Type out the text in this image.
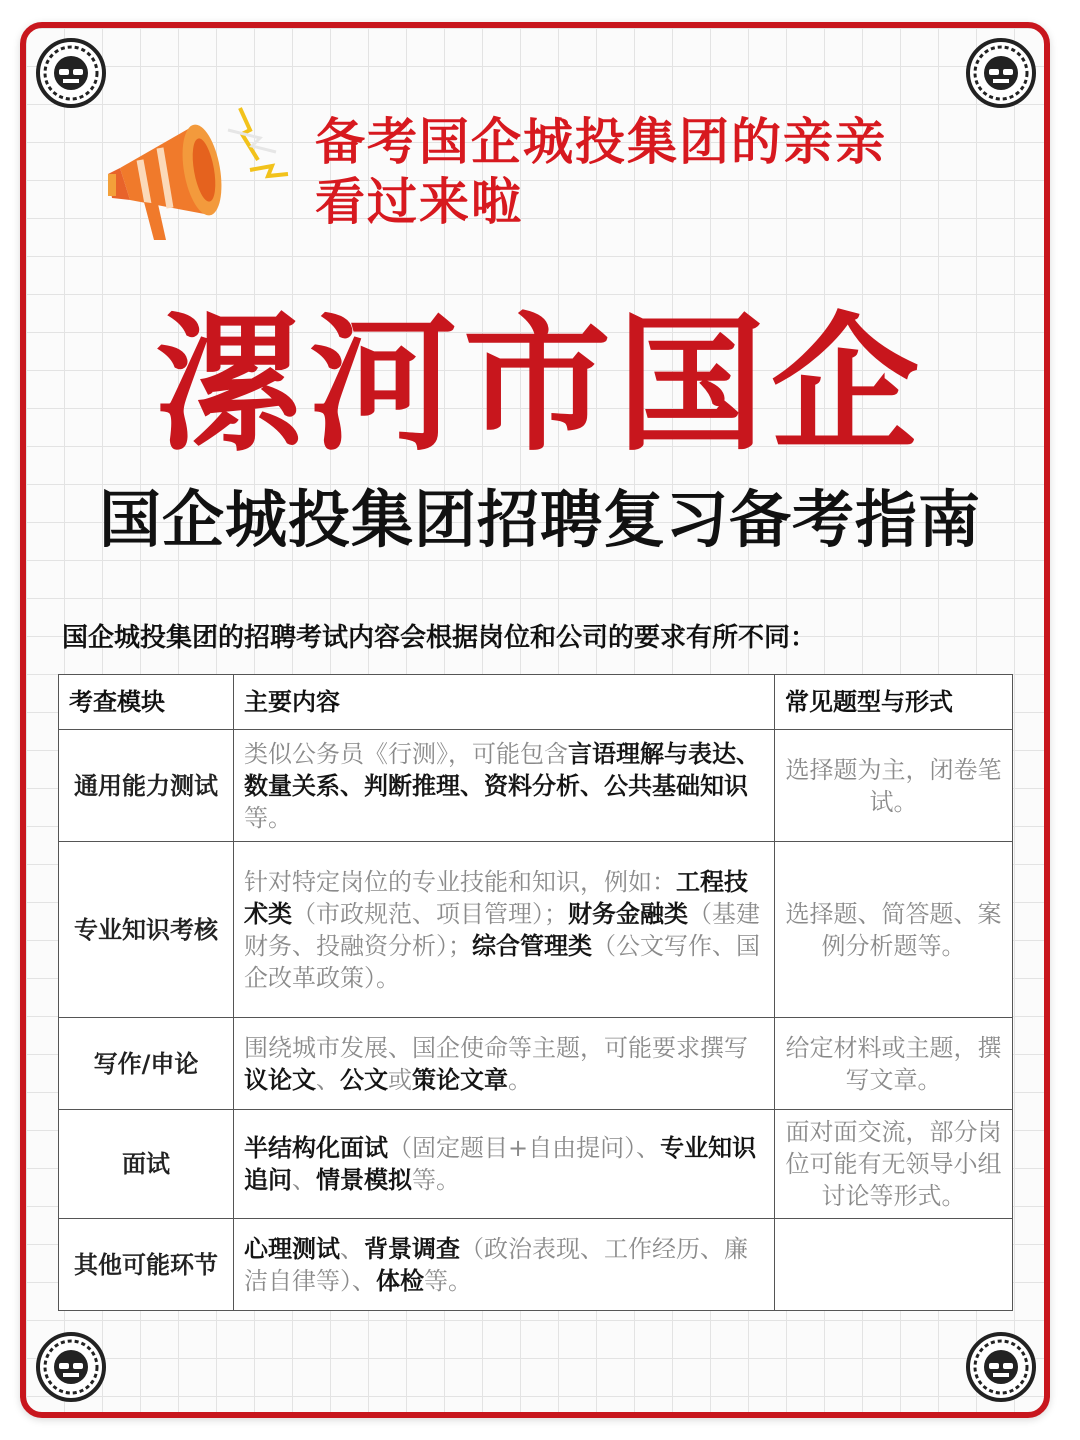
备考国企城投集团的亲亲
看过来啦
漯河市国企
国企城投集团招聘复习备考指南
国企城投集团的招聘考试内容会根据岗位和公司的要求有所不同：
考查模块	主要内容	常见题型与形式
通用能力测试	类似公务员《行测》，可能包含言语理解与表达、数量关系、判断推理、资料分析、公共基础知识等。	选择题为主，闭卷笔试。
专业知识考核	针对特定岗位的专业技能和知识，例如：工程技术类（市政规范、项目管理）；财务金融类（基建财务、投融资分析）；综合管理类（公文写作、国企改革政策）。	选择题、简答题、案例分析题等。
写作/申论	围绕城市发展、国企使命等主题，可能要求撰写议论文、公文或策论文章。	给定材料或主题，撰写文章。
面试	半结构化面试（固定题目+自由提问）、专业知识追问、情景模拟等。	面对面交流，部分岗位可能有无领导小组讨论等形式。
其他可能环节	心理测试、背景调查（政治表现、工作经历、廉洁自律等）、体检等。	
